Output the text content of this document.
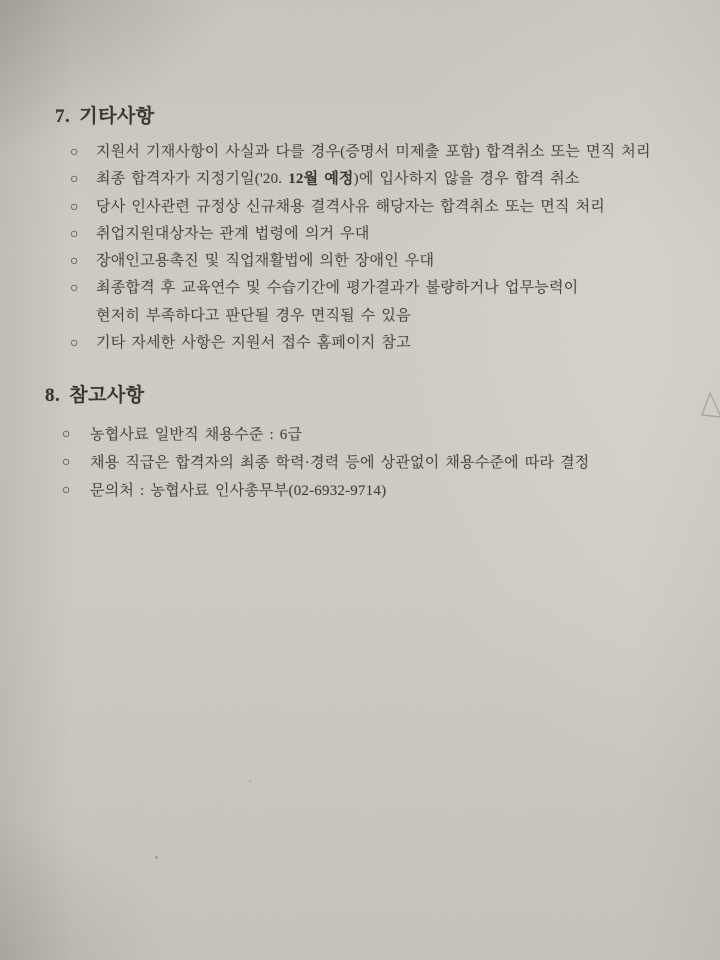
7. 기타사항
○	지원서 기재사항이 사실과 다를 경우(증명서 미제출 포함) 합격취소 또는 면직 처리
○	최종 합격자가 지정기일('20. 12월 예정)에 입사하지 않을 경우 합격 취소
○	당사 인사관련 규정상 신규채용 결격사유 해당자는 합격취소 또는 면직 처리
○	취업지원대상자는 관계 법령에 의거 우대
○	장애인고용촉진 및 직업재활법에 의한 장애인 우대
○	최종합격 후 교육연수 및 수습기간에 평가결과가 불량하거나 업무능력이
현저히 부족하다고 판단될 경우 면직될 수 있음
○	기타 자세한 사항은 지원서 접수 홈페이지 참고
8. 참고사항
○	농협사료 일반직 채용수준 : 6급
○	채용 직급은 합격자의 최종 학력·경력 등에 상관없이 채용수준에 따라 결정
○	문의처 : 농협사료 인사총무부(02-6932-9714)
